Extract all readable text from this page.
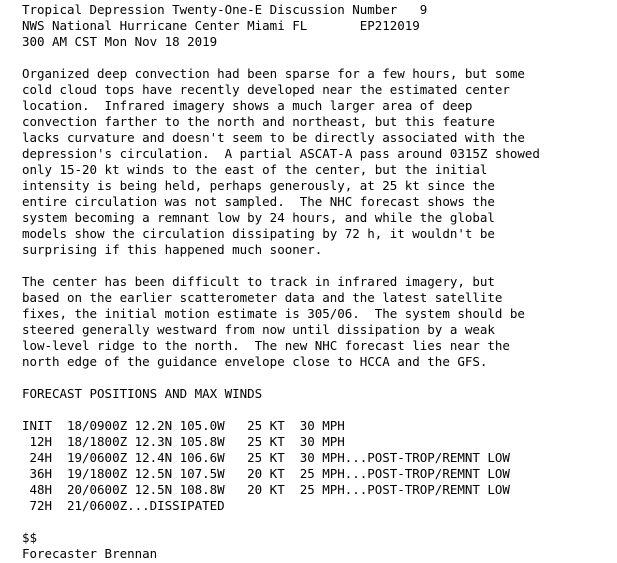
Tropical Depression Twenty-One-E Discussion Number   9
NWS National Hurricane Center Miami FL       EP212019
300 AM CST Mon Nov 18 2019
Organized deep convection had been sparse for a few hours, but some
cold cloud tops have recently developed near the estimated center
location.  Infrared imagery shows a much larger area of deep
convection farther to the north and northeast, but this feature
lacks curvature and doesn't seem to be directly associated with the
depression's circulation.  A partial ASCAT-A pass around 0315Z showed
only 15-20 kt winds to the east of the center, but the initial
intensity is being held, perhaps generously, at 25 kt since the
entire circulation was not sampled.  The NHC forecast shows the
system becoming a remnant low by 24 hours, and while the global
models show the circulation dissipating by 72 h, it wouldn't be
surprising if this happened much sooner.
The center has been difficult to track in infrared imagery, but
based on the earlier scatterometer data and the latest satellite
fixes, the initial motion estimate is 305/06.  The system should be
steered generally westward from now until dissipation by a weak
low-level ridge to the north.  The new NHC forecast lies near the
north edge of the guidance envelope close to HCCA and the GFS.
FORECAST POSITIONS AND MAX WINDS
INIT  18/0900Z 12.2N 105.0W   25 KT  30 MPH
12H  18/1800Z 12.3N 105.8W   25 KT  30 MPH
24H  19/0600Z 12.4N 106.6W   25 KT  30 MPH...POST-TROP/REMNT LOW
36H  19/1800Z 12.5N 107.5W   20 KT  25 MPH...POST-TROP/REMNT LOW
48H  20/0600Z 12.5N 108.8W   20 KT  25 MPH...POST-TROP/REMNT LOW
72H  21/0600Z...DISSIPATED
$$
Forecaster Brennan
